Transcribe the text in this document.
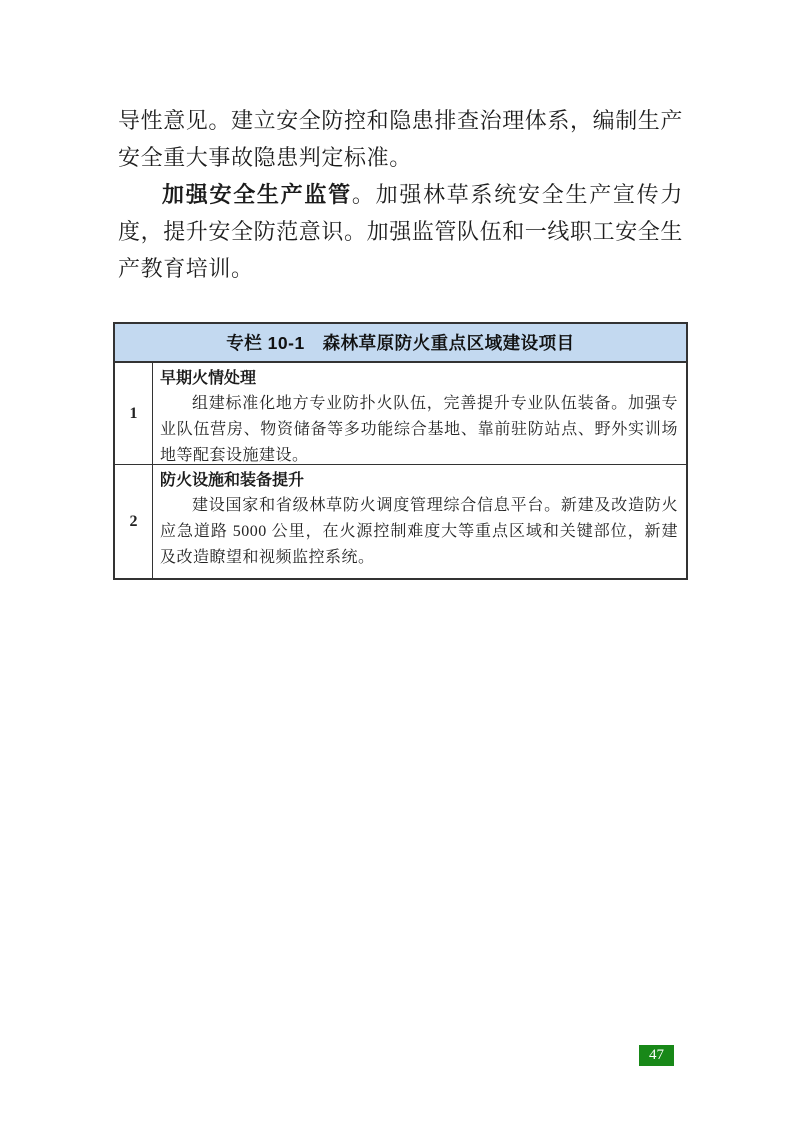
导性意见。建立安全防控和隐患排查治理体系，编制生产安全重大事故隐患判定标准。

加强安全生产监管。加强林草系统安全生产宣传力度，提升安全防范意识。加强监管队伍和一线职工安全生产教育培训。

专栏 10-1　森林草原防火重点区域建设项目
1
早期火情处理

组建标准化地方专业防扑火队伍，完善提升专业队伍装备。加强专业队伍营房、物资储备等多功能综合基地、靠前驻防站点、野外实训场地等配套设施建设。

2
防火设施和装备提升

建设国家和省级林草防火调度管理综合信息平台。新建及改造防火应急道路 5000 公里，在火源控制难度大等重点区域和关键部位，新建及改造瞭望和视频监控系统。

47
